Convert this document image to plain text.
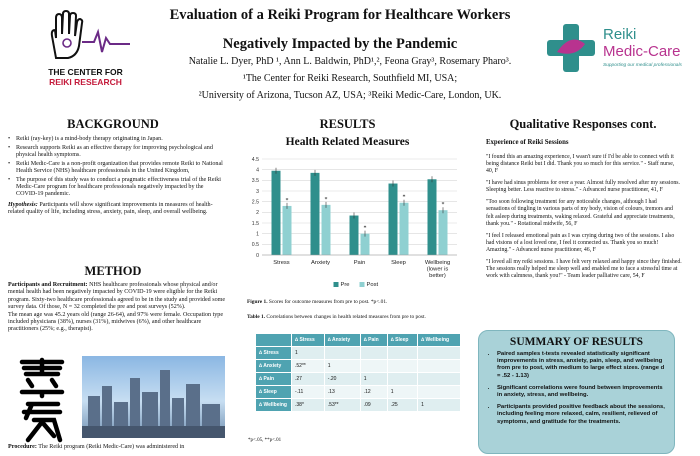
THE CENTER FOR
REIKI RESEARCH
Evaluation of a Reiki Program for Healthcare Workers
Negatively Impacted by the Pandemic
Natalie L. Dyer, PhD ¹, Ann L. Baldwin, PhD¹,², Feona Gray³, Rosemary Pharo³.
¹The Center for Reiki Research, Southfield MI, USA;
²University of Arizona, Tucson AZ, USA; ³Reiki Medic-Care, London, UK.
Reiki
Medic-Care
Supporting our medical professionals
BACKGROUND
• Reiki (ray-key) is a mind-body therapy originating in Japan.
• Research supports Reiki as an effective therapy for improving psychological and physical health symptoms.
• Reiki Medic-Care is a non-profit organization that provides remote Reiki to National Health Service (NHS) healthcare professionals in the United Kingdom,
• The purpose of this study was to conduct a pragmatic effectiveness trial of the Reiki Medic-Care program for healthcare professionals negatively impacted by the COVID-19 pandemic.

Hypothesis: Participants will show significant improvements in measures of health-related quality of life, including stress, anxiety, pain, sleep, and overall wellbeing.

METHOD

Participants and Recruitment: NHS healthcare professionals whose physical and/or mental health had been negatively impacted by COVID-19 were eligible for the Reiki program. Sixty-two healthcare professionals agreed to be in the study and provided some survey data. Of those, N = 32 completed the pre and post surveys (52%).

The mean age was 45.2 years old (range 26-64), and 97% were female. Occupation type included physicians (38%), nurses (31%), midwives (6%), and other healthcare practitioners (25%; e.g., therapist).

Procedure: The Reiki program (Reiki Medic-Care) was administered in
RESULTS
Health Related Measures
0
0.5
1
1.5
2
2.5
3
3.5
4
4.5
*
Stress
*
Anxiety
*
Pain
*
Sleep
*
Wellbeing
(lower is
better)
Pre	Post
Figure 1. Scores for outcome measures from pre to post. *p<.01.
Table 1. Correlations between changes in health related measures from pre to post.
	∆ Stress	∆ Anxiety	∆ Pain	∆ Sleep	∆ Wellbeing
∆ Stress	1				
∆ Anxiety	.52**	1			
∆ Pain	.27	-.20	1		
∆ Sleep	-.11	.13	.12	1	
∆ Wellbeing	.38*	.53**	.09	.25	1
*p<.05, **p<.01
Qualitative Responses cont.
Experience of Reiki Sessions

"I found this an amazing experience, I wasn't sure if I'd be able to connect with it being distance Reiki but I did. Thank you so much for this service." - Staff nurse, 40, F

"I have had sinus problems for over a year. Almost fully resolved after my sessions. Sleeping better. Less reactive to stress." - Advanced nurse practitioner, 41, F

"Too soon following treatment for any noticeable changes, although I had sensations of tingling in various parts of my body, vision of colours, tremors and felt asleep during treatments, waking relaxed. Grateful and appreciate treatments, thank you." - Rotational midwife, 56, F

"I feel I released emotional pain as I was crying during two of the sessions. I also had visions of a lost loved one, I feel it connected us. Thank you so much! Amazing." - Advanced nurse practitioner, 46, F

"I loved all my reiki sessions. I have felt very relaxed and happy since they finished. The sessions really helped me sleep well and enabled me to face a stressful time at work with calmness, thank you!" - Team leader palliative care, 54, F

SUMMARY OF RESULTS
• Paired samples t-tests revealed statistically significant improvements in stress, anxiety, pain, sleep, and wellbeing from pre to post, with medium to large effect sizes. (range d = .52 - 1.13)
• Significant correlations were found between improvements in anxiety, stress, and wellbeing.
• Participants provided positive feedback about the sessions, including feeling more relaxed, calm, resilient, relieved of symptoms, and gratitude for the treatments.
